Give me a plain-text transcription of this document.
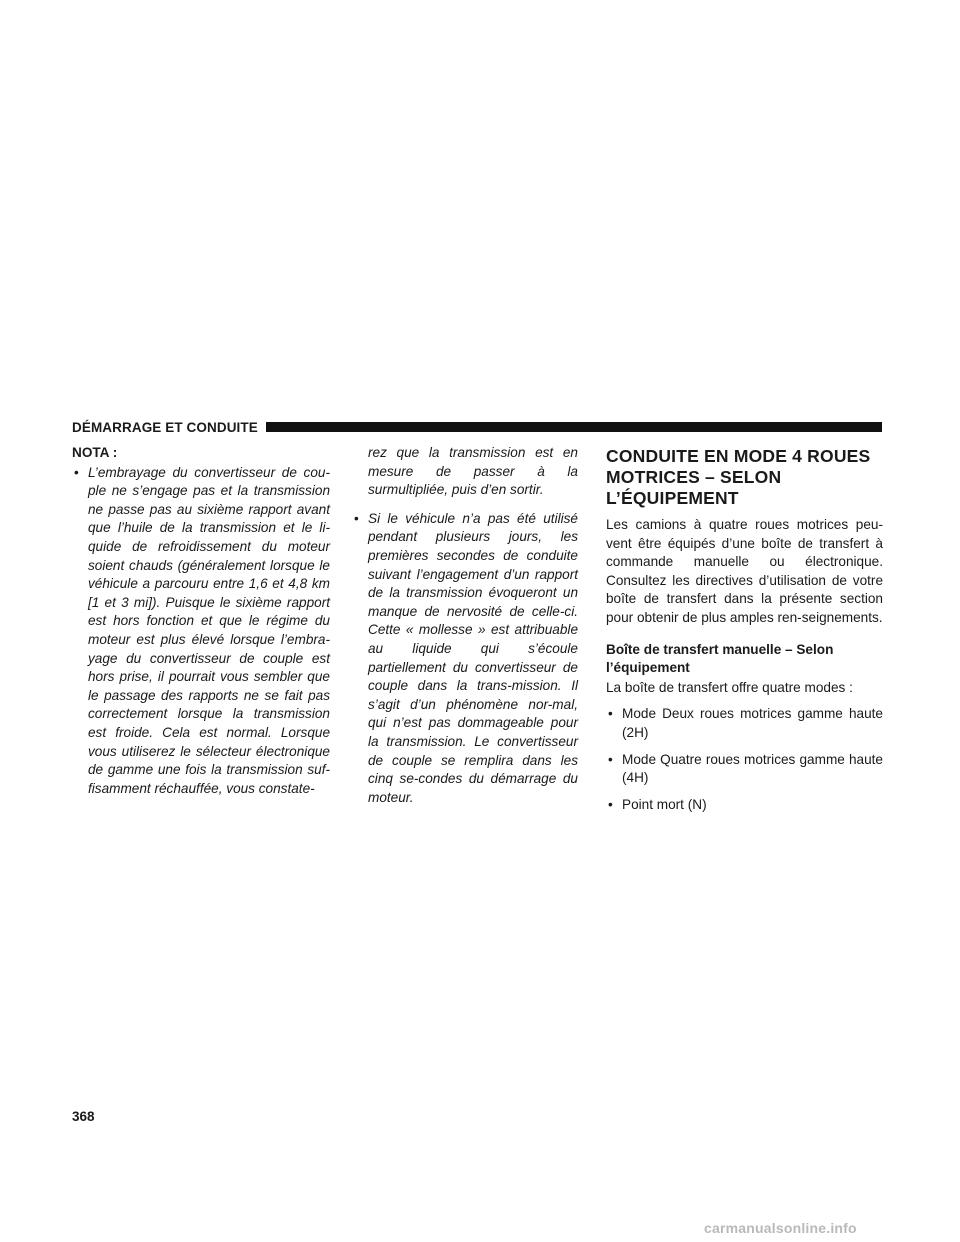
DÉMARRAGE ET CONDUITE
NOTA :
• L’embrayage du convertisseur de cou-ple ne s’engage pas et la transmission ne passe pas au sixième rapport avant que l’huile de la transmission et le li-quide de refroidissement du moteur soient chauds (généralement lorsque le véhicule a parcouru entre 1,6 et 4,8 km [1 et 3 mi]). Puisque le sixième rapport est hors fonction et que le régime du moteur est plus élevé lorsque l’embra-yage du convertisseur de couple est hors prise, il pourrait vous sembler que le passage des rapports ne se fait pas correctement lorsque la transmission est froide. Cela est normal. Lorsque vous utiliserez le sélecteur électronique de gamme une fois la transmission suf-fisamment réchauffée, vous constate-
rez que la transmission est en mesure de passer à la surmultipliée, puis d’en sortir.
• Si le véhicule n’a pas été utilisé pendant plusieurs jours, les premières secondes de conduite suivant l’engagement d’un rapport de la transmission évoqueront un manque de nervosité de celle-ci. Cette « mollesse » est attribuable au liquide qui s’écoule partiellement du convertisseur de couple dans la trans-mission. Il s’agit d’un phénomène nor-mal, qui n’est pas dommageable pour la transmission. Le convertisseur de couple se remplira dans les cinq se-condes du démarrage du moteur.
CONDUITE EN MODE 4 ROUES
MOTRICES – SELON
L’ÉQUIPEMENT
Les camions à quatre roues motrices peu-vent être équipés d’une boîte de transfert à commande manuelle ou électronique. Consultez les directives d’utilisation de votre boîte de transfert dans la présente section pour obtenir de plus amples ren-seignements.
Boîte de transfert manuelle – Selon
l’équipement
La boîte de transfert offre quatre modes :
• Mode Deux roues motrices gamme haute (2H)
• Mode Quatre roues motrices gamme haute (4H)
• Point mort (N)
368
carmanualsonline.info
